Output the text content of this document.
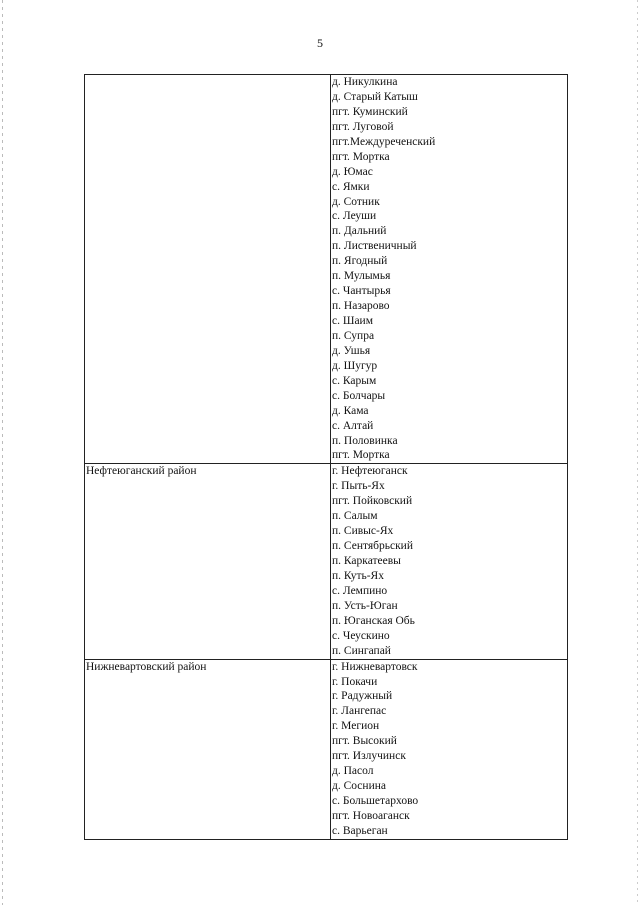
5
д. Никулкина
д. Старый Катыш
пгт. Куминский
пгт. Луговой
пгт.Междуреченский
пгт. Мортка
д. Юмас
с. Ямки
д. Сотник
с. Леуши
п. Дальний
п. Лиственичный
п. Ягодный
п. Мулымья
с. Чантырья
п. Назарово
с. Шаим
п. Супра
д. Ушья
д. Шугур
с. Карым
с. Болчары
д. Кама
с. Алтай
п. Половинка
пгт. Мортка
Нефтеюганский район	г. Нефтеюганск
г. Пыть-Ях
пгт. Пойковский
п. Салым
п. Сивыс-Ях
п. Сентябрьский
п. Каркатеевы
п. Куть-Ях
с. Лемпино
п. Усть-Юган
п. Юганская Обь
с. Чеускино
п. Сингапай
Нижневартовский район	г. Нижневартовск
г. Покачи
г. Радужный
г. Лангепас
г. Мегион
пгт. Высокий
пгт. Излучинск
д. Пасол
д. Соснина
с. Большетархово
пгт. Новоаганск
с. Варьеган
